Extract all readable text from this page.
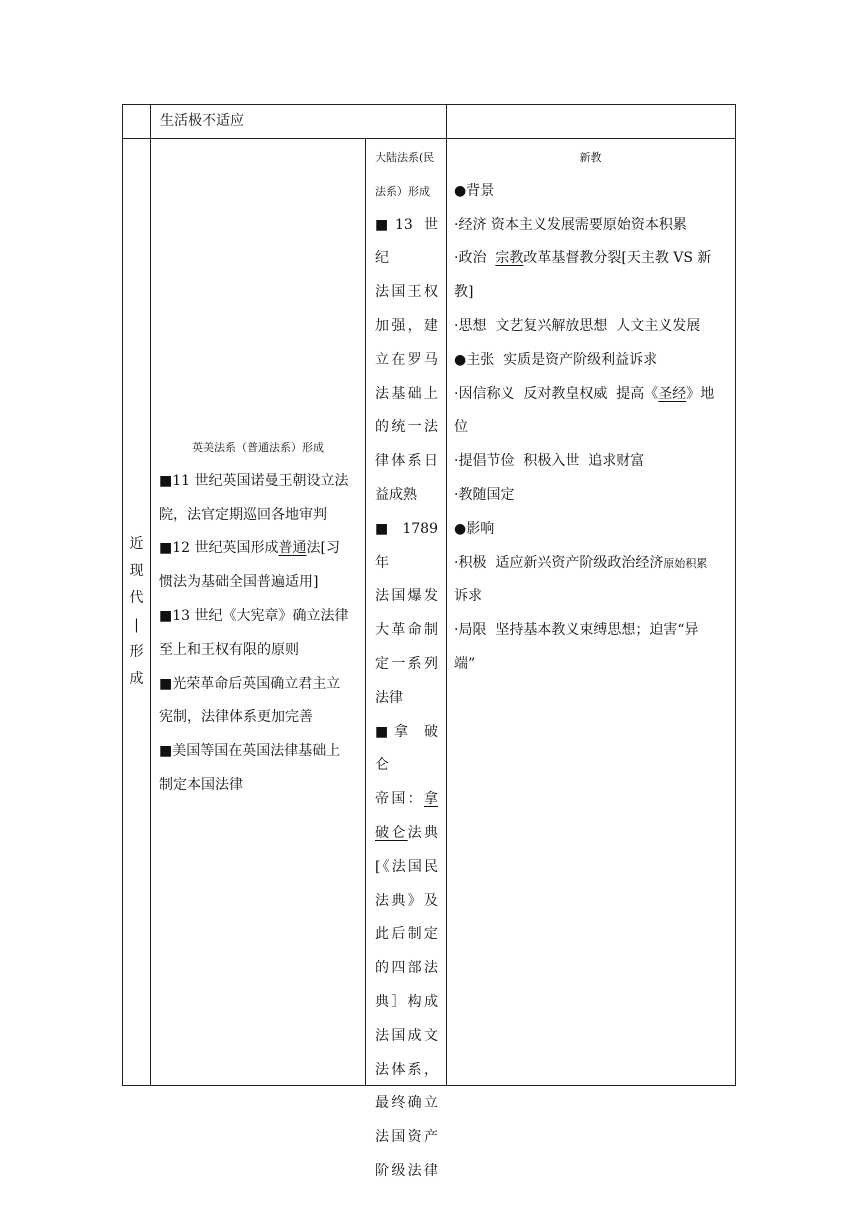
生活极不适应
近
现
代
|
形
成

英美法系（普通法系）形成

■11 世纪英国诺曼王朝设立法

院，法官定期巡回各地审判

■12 世纪英国形成普通法[习

惯法为基础全国普遍适用]

■13 世纪《大宪章》确立法律

至上和王权有限的原则

■光荣革命后英国确立君主立

宪制，法律体系更加完善

■美国等国在英国法律基础上

制定本国法律

大陆法系(民

法系）形成

■13 世纪

法国王权

加强，建

立在罗马

法基础上

的统一法

律体系日

益成熟

■1789 年

法国爆发

大革命制

定一系列

法律

■拿 破 仑

帝国：拿

破仑法典

[《法国民

法典》及

此后制定

的四部法

典］构成

法国成文

法体系，

最终确立

法国资产

阶级法律

新教

●背景

·经济 资本主义发展需要原始资本积累

·政治  宗教改革基督教分裂[天主教 VS 新

教]

·思想  文艺复兴解放思想  人文主义发展

●主张  实质是资产阶级利益诉求

·因信称义  反对教皇权威  提高《圣经》地

位

·提倡节俭  积极入世  追求财富

·教随国定

●影响

·积极  适应新兴资产阶级政治经济原始积累

诉求

·局限  坚持基本教义束缚思想；迫害“异

端”
